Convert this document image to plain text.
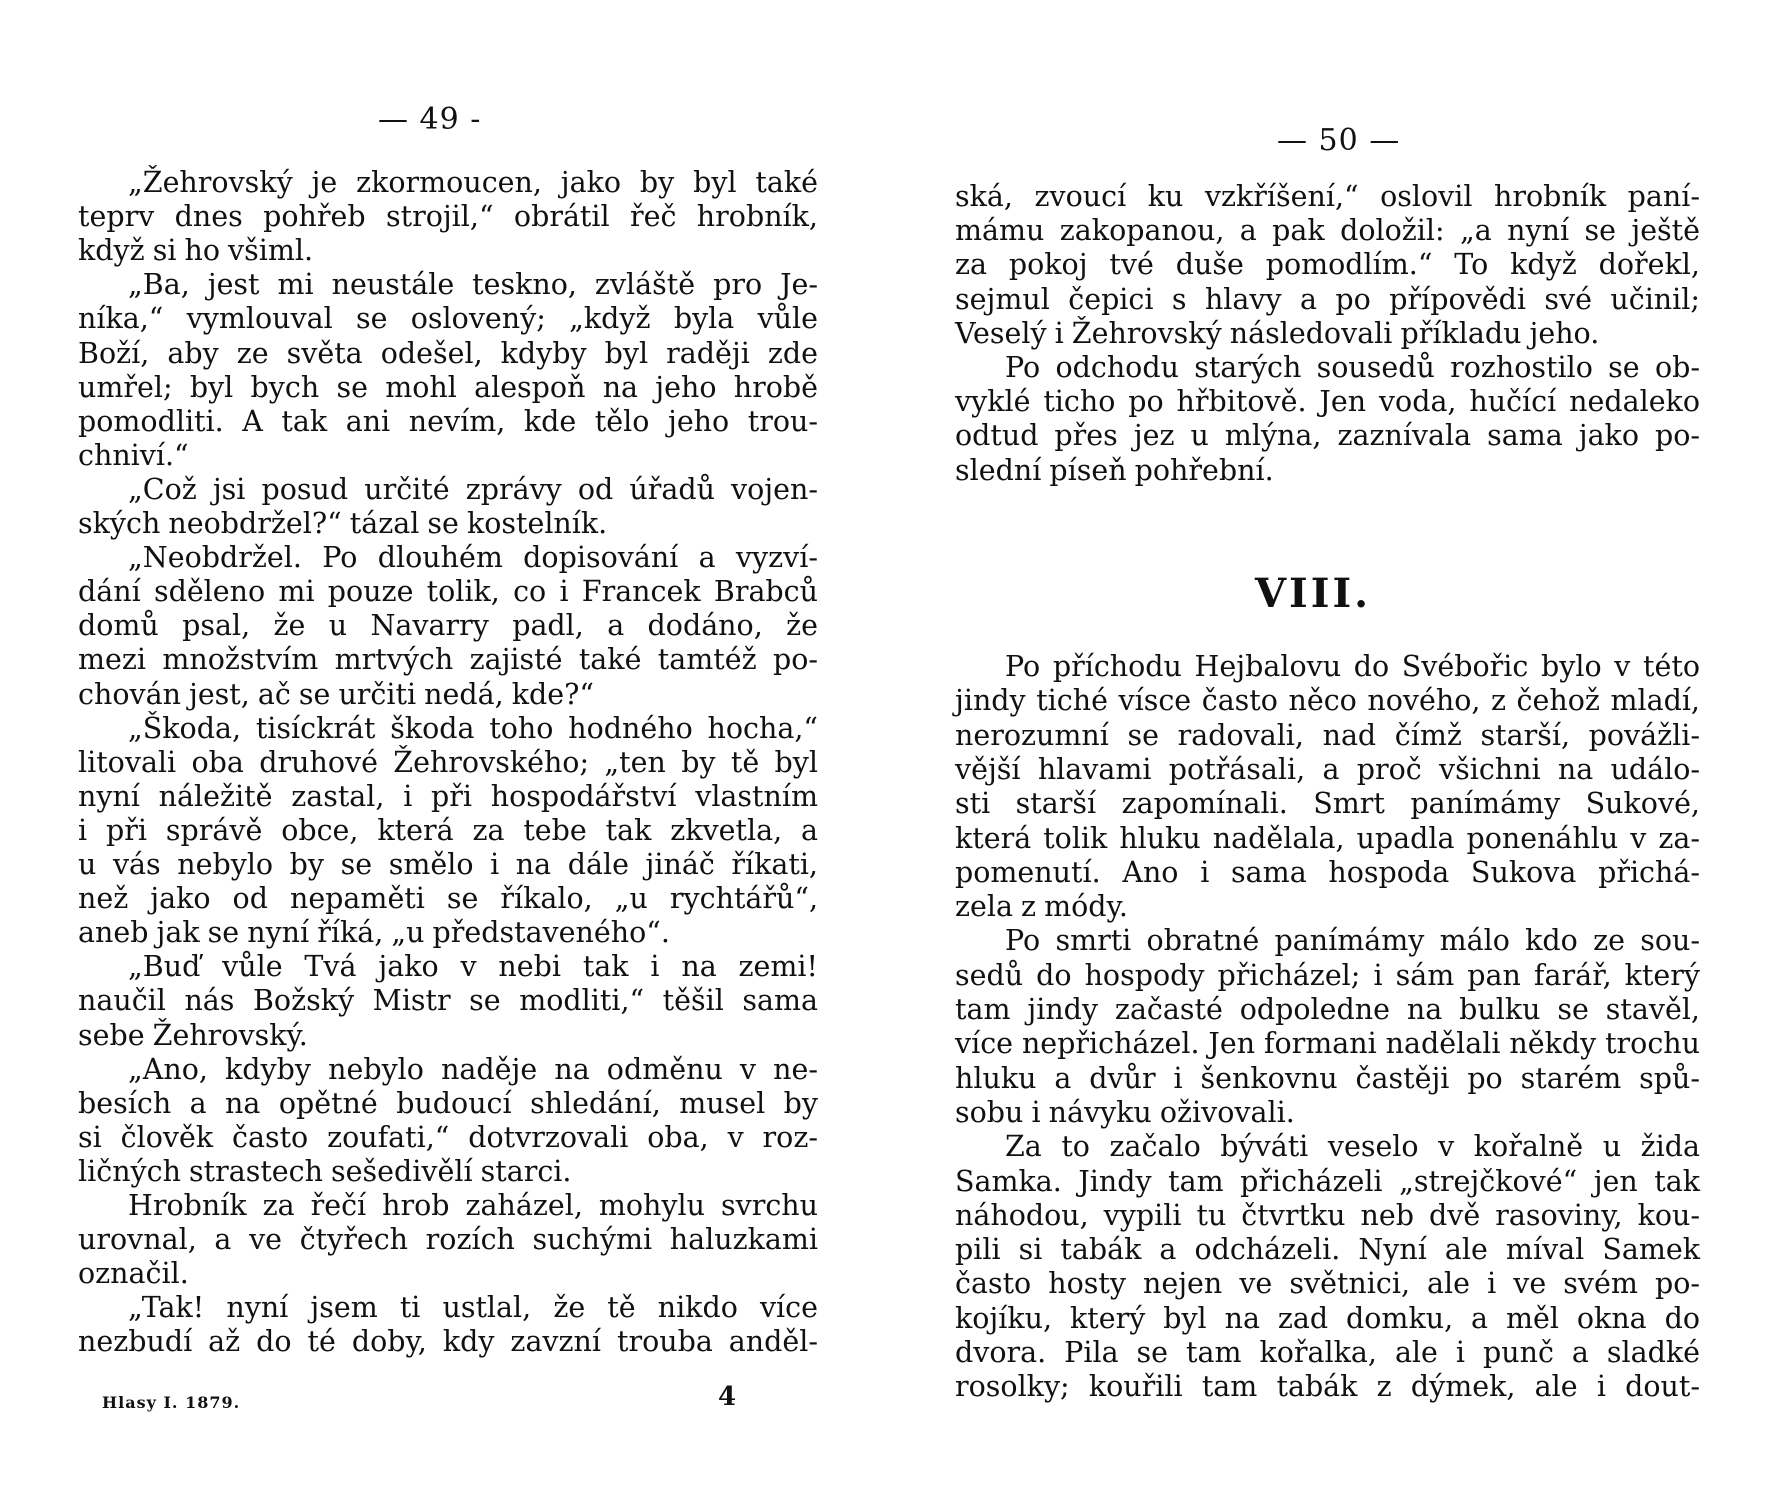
— 49 -
„Žehrovský je zkormoucen, jako by byl také
teprv dnes pohřeb strojil,“ obrátil řeč hrobník,
když si ho všiml.
„Ba, jest mi neustále teskno, zvláště pro Je-
níka,“ vymlouval se oslovený; „když byla vůle
Boží, aby ze světa odešel, kdyby byl raději zde
umřel; byl bych se mohl alespoň na jeho hrobě
pomodliti. A tak ani nevím, kde tělo jeho trou-
chniví.“
„Což jsi posud určité zprávy od úřadů vojen-
ských neobdržel?“ tázal se kostelník.
„Neobdržel. Po dlouhém dopisování a vyzví-
dání sděleno mi pouze tolik, co i Francek Brabců
domů psal, že u Navarry padl, a dodáno, že
mezi množstvím mrtvých zajisté také tamtéž po-
chován jest, ač se určiti nedá, kde?“
„Škoda, tisíckrát škoda toho hodného hocha,“
litovali oba druhové Žehrovského; „ten by tě byl
nyní náležitě zastal, i při hospodářství vlastním
i při správě obce, která za tebe tak zkvetla, a
u vás nebylo by se smělo i na dále jináč říkati,
než jako od nepaměti se říkalo, „u rychtářů“,
aneb jak se nyní říká, „u představeného“.
„Buď vůle Tvá jako v nebi tak i na zemi!
naučil nás Božský Mistr se modliti,“ těšil sama
sebe Žehrovský.
„Ano, kdyby nebylo naděje na odměnu v ne-
besích a na opětné budoucí shledání, musel by
si člověk často zoufati,“ dotvrzovali oba, v roz-
ličných strastech sešedivělí starci.
Hrobník za řečí hrob zaházel, mohylu svrchu
urovnal, a ve čtyřech rozích suchými haluzkami
označil.
„Tak! nyní jsem ti ustlal, že tě nikdo více
nezbudí až do té doby, kdy zavzní trouba anděl-
Hlasy I. 1879.	4
— 50 —
ská, zvoucí ku vzkříšení,“ oslovil hrobník paní-
mámu zakopanou, a pak doložil: „a nyní se ještě
za pokoj tvé duše pomodlím.“ To když dořekl,
sejmul čepici s hlavy a po přípovědi své učinil;
Veselý i Žehrovský následovali příkladu jeho.
Po odchodu starých sousedů rozhostilo se ob-
vyklé ticho po hřbitově. Jen voda, hučící nedaleko
odtud přes jez u mlýna, zaznívala sama jako po-
slední píseň pohřební.
VIII.
Po příchodu Hejbalovu do Svébořic bylo v této
jindy tiché vísce často něco nového, z čehož mladí,
nerozumní se radovali, nad čímž starší, povážli-
vější hlavami potřásali, a proč všichni na událo-
sti starší zapomínali. Smrt panímámy Sukové,
která tolik hluku nadělala, upadla ponenáhlu v za-
pomenutí. Ano i sama hospoda Sukova přichá-
zela z módy.
Po smrti obratné panímámy málo kdo ze sou-
sedů do hospody přicházel; i sám pan farář, který
tam jindy začasté odpoledne na bulku se stavěl,
více nepřicházel. Jen formani nadělali někdy trochu
hluku a dvůr i šenkovnu častěji po starém spů-
sobu i návyku oživovali.
Za to začalo býváti veselo v kořalně u žida
Samka. Jindy tam přicházeli „strejčkové“ jen tak
náhodou, vypili tu čtvrtku neb dvě rasoviny, kou-
pili si tabák a odcházeli. Nyní ale míval Samek
často hosty nejen ve světnici, ale i ve svém po-
kojíku, který byl na zad domku, a měl okna do
dvora. Pila se tam kořalka, ale i punč a sladké
rosolky; kouřili tam tabák z dýmek, ale i dout-
